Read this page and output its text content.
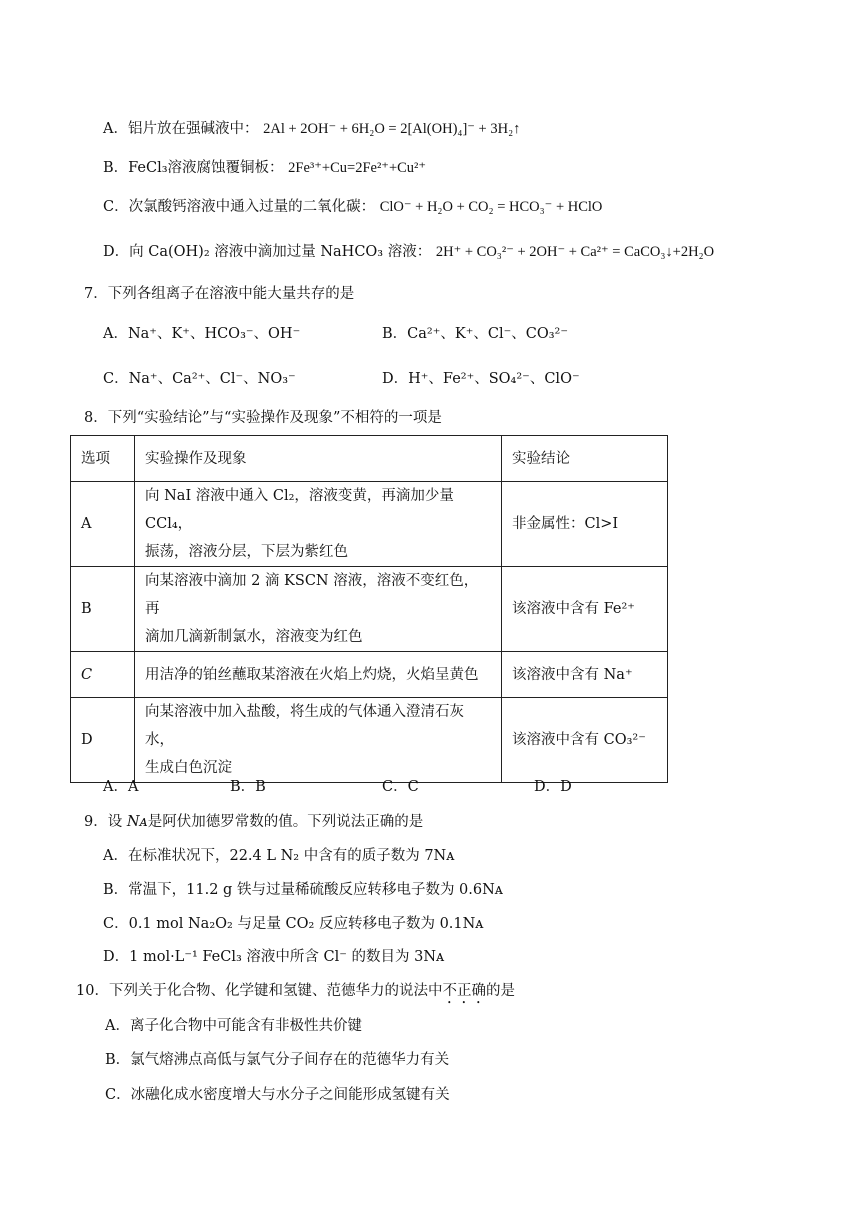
A．铝片放在强碱液中： 2Al + 2OH⁻ + 6H₂O = 2[Al(OH)₄]⁻ + 3H₂↑
B．FeCl₃溶液腐蚀覆铜板： 2Fe³⁺+Cu=2Fe²⁺+Cu²⁺
C．次氯酸钙溶液中通入过量的二氧化碳： ClO⁻ + H₂O + CO₂ = HCO₃⁻ + HClO
D．向 Ca(OH)₂ 溶液中滴加过量 NaHCO₃ 溶液： 2H⁺ + CO₃²⁻ + 2OH⁻ + Ca²⁺ = CaCO₃↓+2H₂O
7．下列各组离子在溶液中能大量共存的是
A．Na⁺、K⁺、HCO₃⁻、OH⁻	B．Ca²⁺、K⁺、Cl⁻、CO₃²⁻
C．Na⁺、Ca²⁺、Cl⁻、NO₃⁻	D．H⁺、Fe²⁺、SO₄²⁻、ClO⁻
8．下列“实验结论”与“实验操作及现象”不相符的一项是
选项	实验操作及现象	实验结论
A	向 NaI 溶液中通入 Cl₂，溶液变黄，再滴加少量 CCl₄，
振荡，溶液分层，下层为紫红色	非金属性：Cl>I
B	向某溶液中滴加 2 滴 KSCN 溶液，溶液不变红色，再
滴加几滴新制氯水，溶液变为红色	该溶液中含有 Fe²⁺
C	用洁净的铂丝蘸取某溶液在火焰上灼烧，火焰呈黄色	该溶液中含有 Na⁺
D	向某溶液中加入盐酸，将生成的气体通入澄清石灰水，
生成白色沉淀	该溶液中含有 CO₃²⁻
A．A	B．B	C．C	D．D
9．设 Nᴀ是阿伏加德罗常数的值。下列说法正确的是
A．在标准状况下，22.4 L N₂ 中含有的质子数为 7Nᴀ
B．常温下，11.2 g 铁与过量稀硫酸反应转移电子数为 0.6Nᴀ
C．0.1 mol Na₂O₂ 与足量 CO₂ 反应转移电子数为 0.1Nᴀ
D．1 mol·L⁻¹ FeCl₃ 溶液中所含 Cl⁻ 的数目为 3Nᴀ
10．下列关于化合物、化学键和氢键、范德华力的说法中不正确的是
A．离子化合物中可能含有非极性共价键
B．氯气熔沸点高低与氯气分子间存在的范德华力有关
C．冰融化成水密度增大与水分子之间能形成氢键有关
